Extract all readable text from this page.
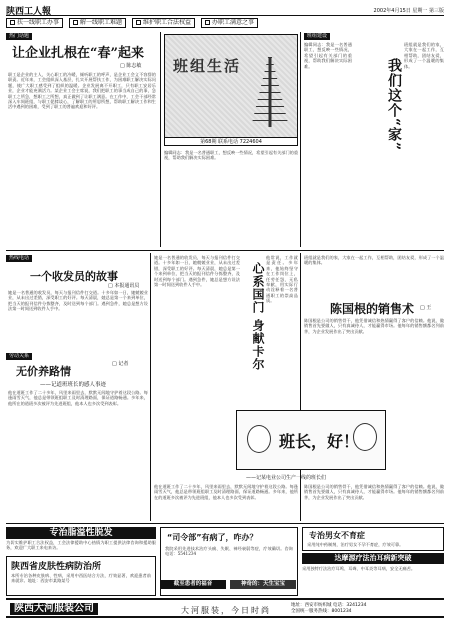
陕西工人報	2002年4月15日 星期一 第三版
扶一线职工办事	解一线职工难题	维护职工合法权益	办职工满意之事
热门话题
让企业扎根在“春”起来
□ 陈志敏
职工是企业的主人，关心职工的冷暖，倾听职工的呼声，是企业工会义不容辞的职责。近年来，工会组织深入基层，扎实开展帮扶工作，为困难职工解决实际问题，使广大职工感受到了组织的温暖。企业发展离不开职工，只有职工安居乐业，企业才能充满活力。某企业工会主席说，我们把职工的事当成自己的事，急职工之所急，想职工之所想，真正做到了让职工满意。在工作中，工会干部经常深入车间班组，与职工促膝谈心，了解职工的所思所想，帮助职工解决工作和生活中遇到的困难，受到了职工的普遍欢迎和好评。
班组生活
第68期 联系电话 7224604
编辑同志：我是一名普通职工，想反映一些情况，希望引起有关部门的重视，帮助我们解决实际困难。
班组建设
编辑同志：我是一名普通职工，想反映一些情况，希望引起有关部门的重视，帮助我们解决实际困难。	我们这个“家”
班组就是我们的家，大家在一起工作，互相帮助，团结友爱，形成了一个温暖的集体。
热线电话
一个收发员的故事
□ 本报通讯员
她是一名普通的收发员，每天与报刊信件打交道。十多年如一日，她兢兢业业，从未出过差错，深受职工的好评。每天清晨，她总是第一个来到单位，把当天的报刊信件分拣整齐，及时送到每个部门。遇到急件，她总是想方设法第一时间送到收件人手中。
劳动关系
无价养路情
——记道班班长的感人事迹
□ 记者
他在道班工作了二十多年，风里来雨里去，默默无闻地守护着这段公路。每逢雨雪天气，他总是带领班组职工及时清理路面，保证道路畅通。多年来，他所在的道班多次被评为先进班组，他本人也多次受到表彰。
她是一名普通的收发员，每天与报刊信件打交道。十多年如一日，她兢兢业业，从未出过差错，深受职工的好评。每天清晨，她总是第一个来到单位，把当天的报刊信件分拣整齐，及时送到每个部门。遇到急件，她总是想方设法第一时间送到收件人手中。	心系国门 身献卡尔
他常说，工作就是责任。多年来，他始终坚守在工作岗位上，任劳任怨，无私奉献，用实际行动诠释着一名普通职工的崇高品质。
班组就是我们的家，大家在一起工作，互相帮助，团结友爱，形成了一个温暖的集体。
陈国根的销售术 □ 王
陈国根是公司的销售骨干，他凭借诚信和热情赢得了客户的信赖。他说，做销售首先要做人，只有真诚待人，才能赢得市场。他每年的销售额都名列前茅，为企业发展作出了突出贡献。
班长，好！
——记某电业公司生产一线的班长们
陈国根是公司的销售骨干，他凭借诚信和热情赢得了客户的信赖。他说，做销售首先要做人，只有真诚待人，才能赢得市场。他每年的销售额都名列前茅，为企业发展作出了突出贡献。
他在道班工作了二十多年，风里来雨里去，默默无闻地守护着这段公路。每逢雨雪天气，他总是带领班组职工及时清理路面，保证道路畅通。多年来，他所在的道班多次被评为先进班组，他本人也多次受到表彰。
专治脂溢性脱发
为切实维护职工合法权益，工会法律援助中心热情为职工提供法律咨询和援助服务，欢迎广大职工来电来访。
陕西省皮肤性病防治所
本所专治各种皮肤病、性病，采用中西医结合方法，疗效显著，欢迎患者前来就诊。地址：西安市某路某号
“司令部”有病了，咋办？
我院采用先进技术治疗头痛、失眠、神经衰弱等症，疗效确切。咨询电话：5541234
专治男女不育症
采用纯中药制剂，治疗男女不孕不育症，疗效可靠。
达摩源疗法治耳病新突破
采用独特疗法治疗耳鸣、耳聋、中耳炎等耳病，安全无痛苦。
截至患者的福音	神奇的：天生宝宝
陕西大河服装公司	大河服装，今日时尚
地址：西安市纺织城 电话：3241234
全国统一服务热线：8001234
